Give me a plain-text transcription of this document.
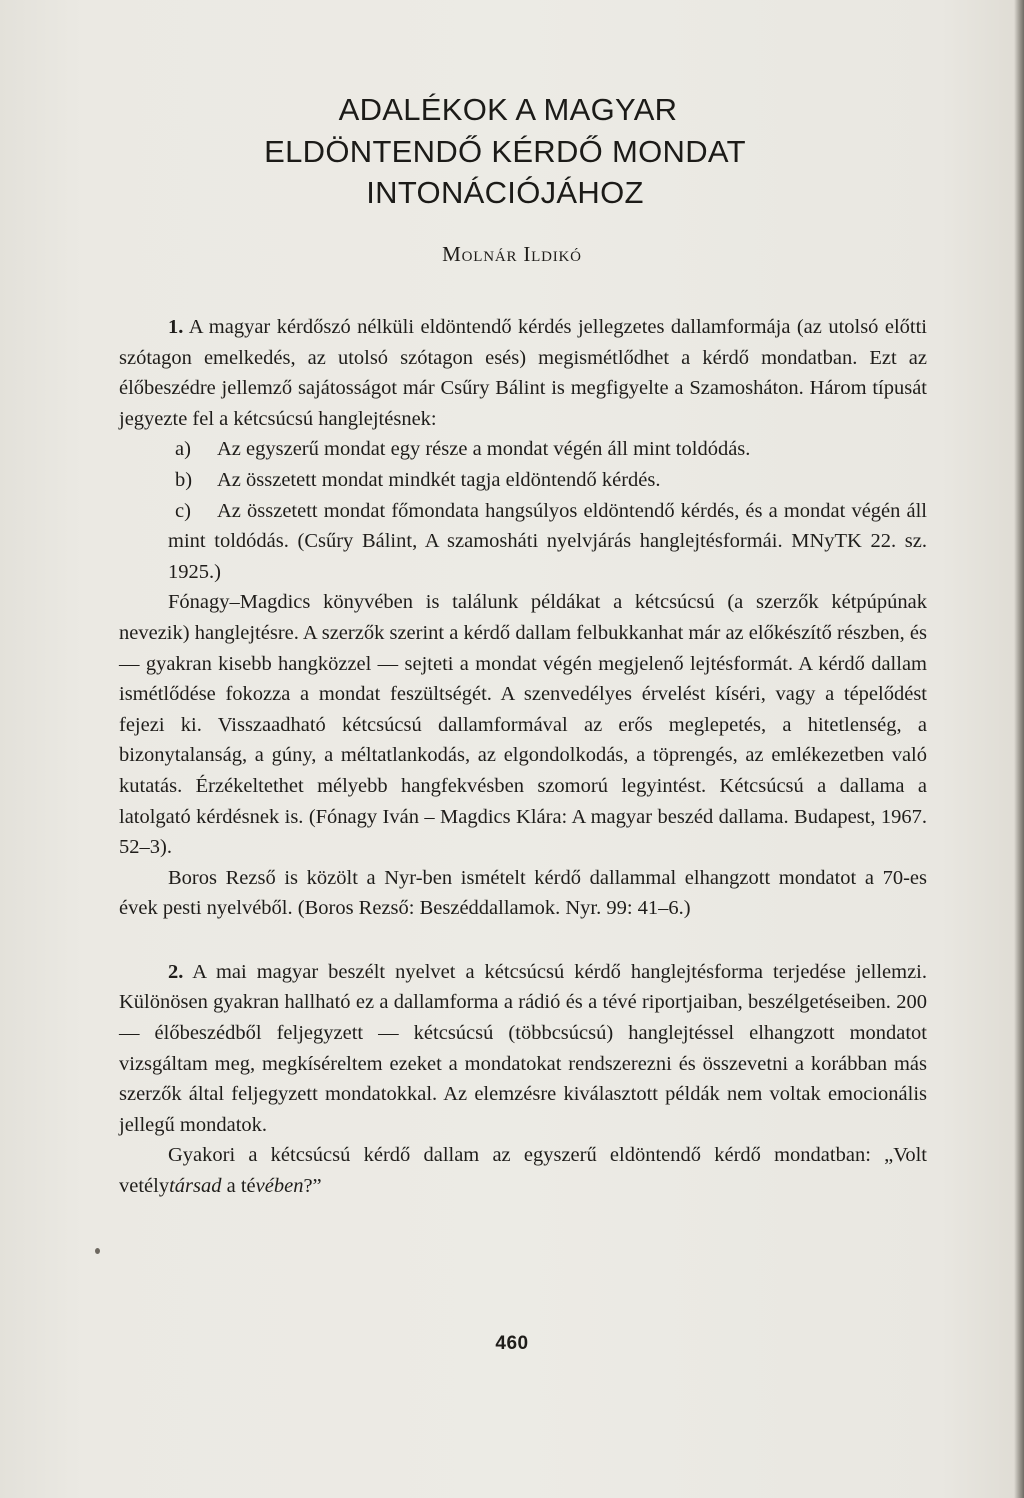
ADALÉKOK A MAGYAR
ELDÖNTENDŐ KÉRDŐ MONDAT
INTONÁCIÓJÁHOZ
Molnár Ildikó

1. A magyar kérdőszó nélküli eldöntendő kérdés jellegzetes dallamformája (az utolsó előtti szótagon emelkedés, az utolsó szótagon esés) megismétlődhet a kérdő mondatban. Ezt az élőbeszédre jellemző sajátosságot már Csűry Bálint is megfigyelte a Szamosháton. Három típusát jegyezte fel a kétcsúcsú hanglejtésnek:

a) Az egyszerű mondat egy része a mondat végén áll mint toldódás.

b) Az összetett mondat mindkét tagja eldöntendő kérdés.

c) Az összetett mondat főmondata hangsúlyos eldöntendő kérdés, és a mondat végén áll mint toldódás. (Csűry Bálint, A szamosháti nyelvjárás hanglejtésformái. MNyTK 22. sz. 1925.)

Fónagy–Magdics könyvében is találunk példákat a kétcsúcsú (a szerzők kétpúpúnak nevezik) hanglejtésre. A szerzők szerint a kérdő dallam felbukkanhat már az előkészítő részben, és — gyakran kisebb hangközzel — sejteti a mondat végén megjelenő lejtésformát. A kérdő dallam ismétlődése fokozza a mondat feszültségét. A szenvedélyes érvelést kíséri, vagy a tépelődést fejezi ki. Visszaadható kétcsúcsú dallamformával az erős meglepetés, a hitetlenség, a bizonytalanság, a gúny, a méltatlankodás, az elgondolkodás, a töprengés, az emlékezetben való kutatás. Érzékeltethet mélyebb hangfekvésben szomorú legyintést. Kétcsúcsú a dallama a latolgató kérdésnek is. (Fónagy Iván – Magdics Klára: A magyar beszéd dallama. Budapest, 1967. 52–3).

Boros Rezső is közölt a Nyr-ben ismételt kérdő dallammal elhangzott mondatot a 70-es évek pesti nyelvéből. (Boros Rezső: Beszéddallamok. Nyr. 99: 41–6.)

2. A mai magyar beszélt nyelvet a kétcsúcsú kérdő hanglejtésforma terjedése jellemzi. Különösen gyakran hallható ez a dallamforma a rádió és a tévé riportjaiban, beszélgetéseiben. 200 — élőbeszédből feljegyzett — kétcsúcsú (többcsúcsú) hanglejtéssel elhangzott mondatot vizsgáltam meg, megkíséreltem ezeket a mondatokat rendszerezni és összevetni a korábban más szerzők által feljegyzett mondatokkal. Az elemzésre kiválasztott példák nem voltak emocionális jellegű mondatok.

Gyakori a kétcsúcsú kérdő dallam az egyszerű eldöntendő kérdő mondatban: „Volt vetélytársad a tévében?”

460
